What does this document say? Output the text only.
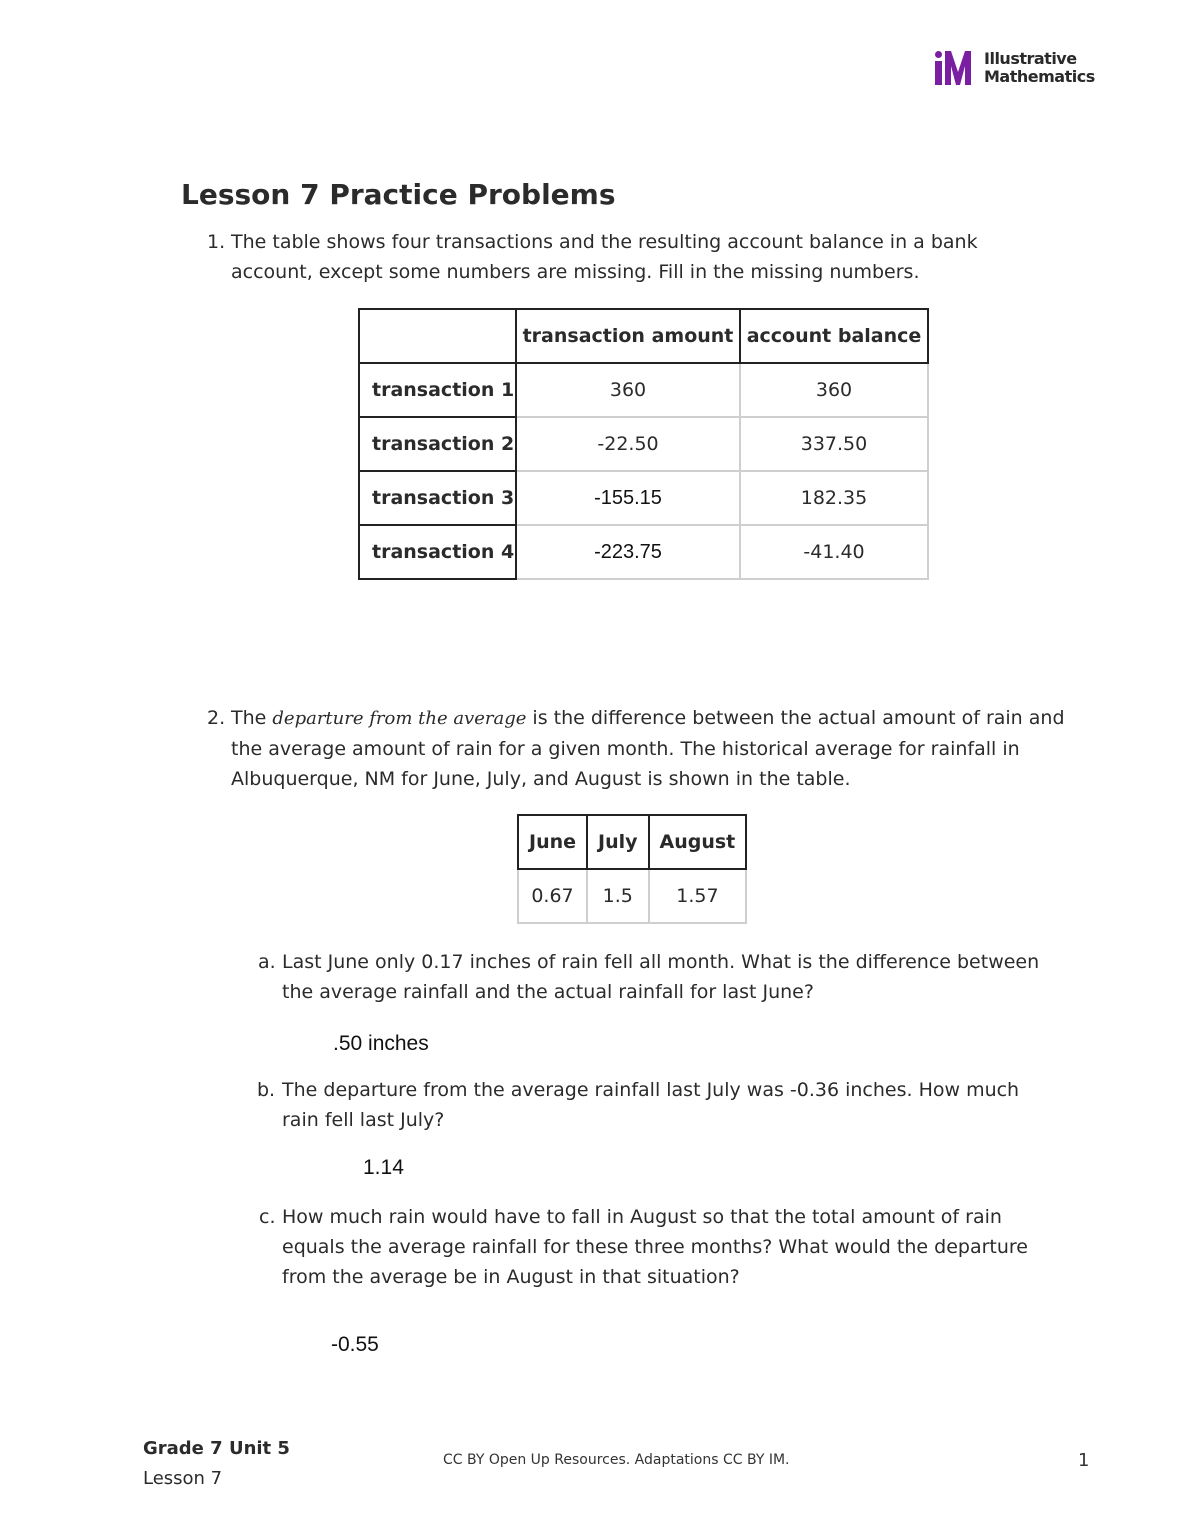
Illustrative
Mathematics
Lesson 7 Practice Problems
1. The table shows four transactions and the resulting account balance in a bank
account, except some numbers are missing. Fill in the missing numbers.
	transaction amount	account balance
transaction 1	360	360
transaction 2	-22.50	337.50
transaction 3	-155.15	182.35
transaction 4	-223.75	-41.40
2. The departure from the average is the difference between the actual amount of rain and
the average amount of rain for a given month. The historical average for rainfall in
Albuquerque, NM for June, July, and August is shown in the table.
June	July	August
0.67	1.5	1.57
a. Last June only 0.17 inches of rain fell all month. What is the difference between
the average rainfall and the actual rainfall for last June?
.50 inches
b. The departure from the average rainfall last July was -0.36 inches. How much
rain fell last July?
1.14
c. How much rain would have to fall in August so that the total amount of rain
equals the average rainfall for these three months? What would the departure
from the average be in August in that situation?
-0.55
Grade 7 Unit 5
Lesson 7
CC BY Open Up Resources. Adaptations CC BY IM.	1
